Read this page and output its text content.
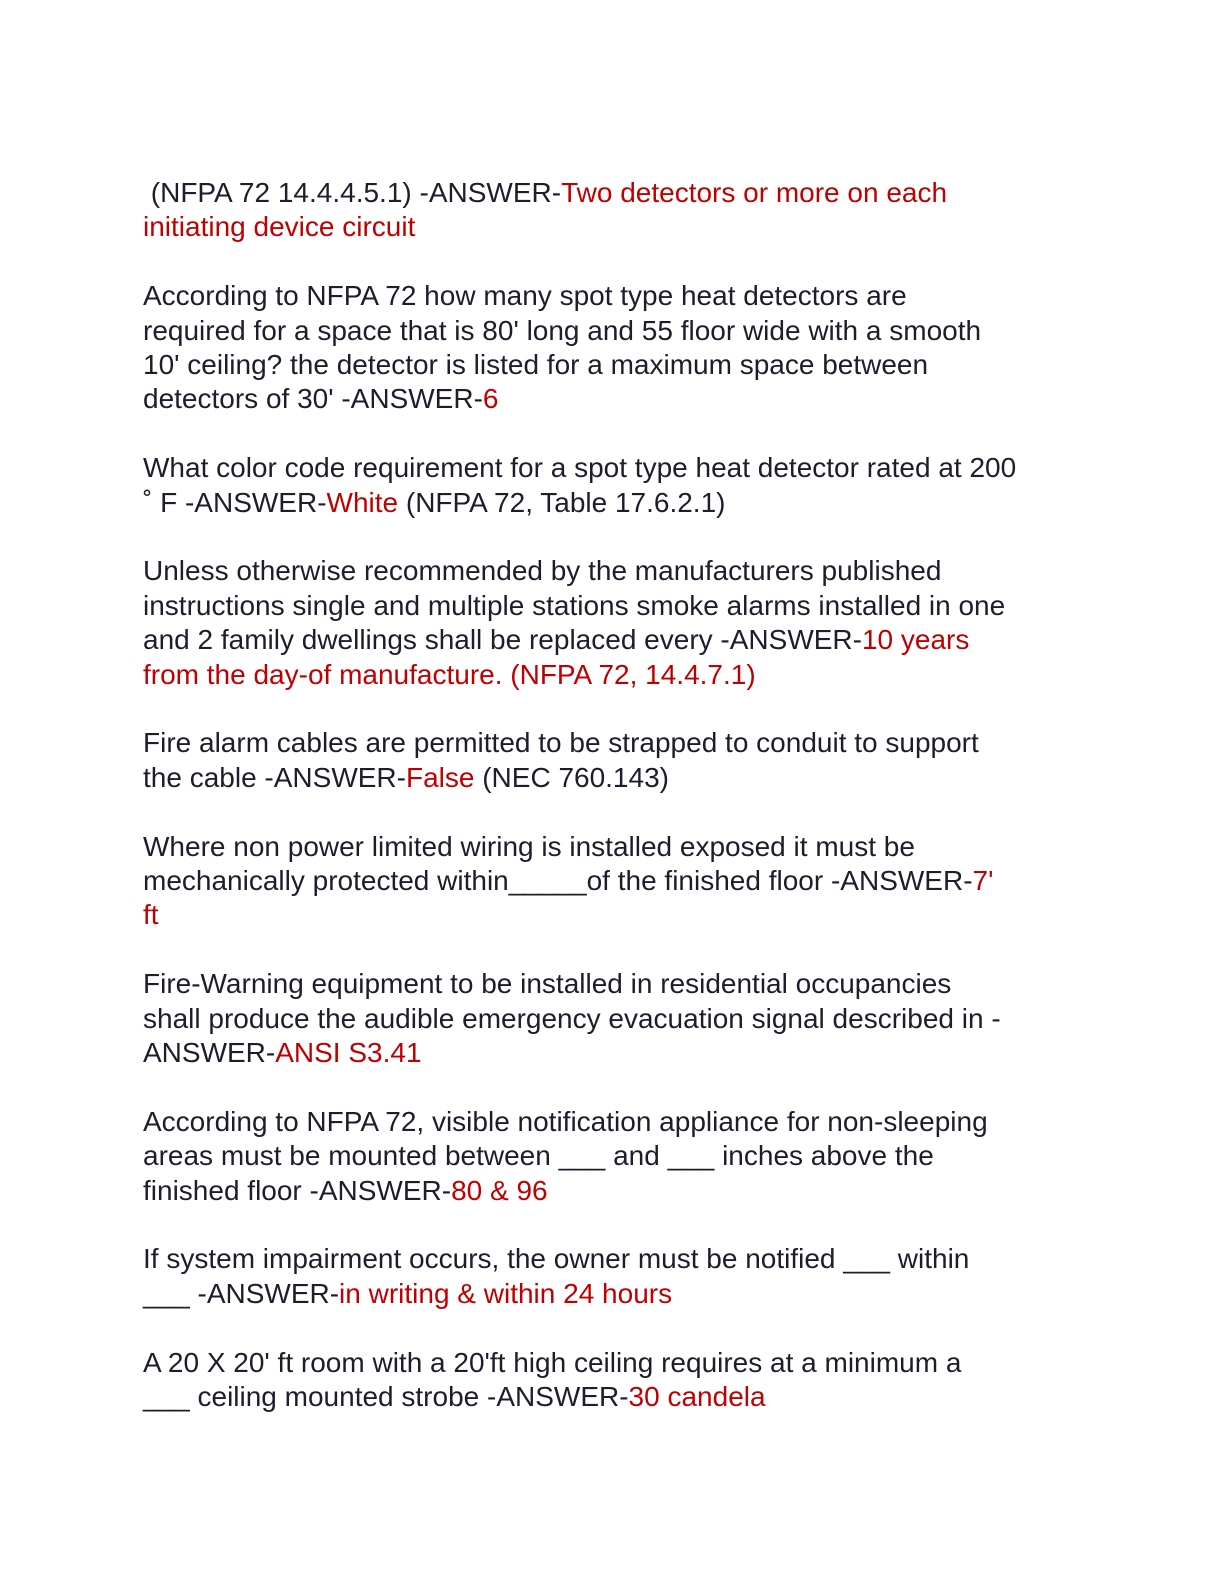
(NFPA 72 14.4.4.5.1) -ANSWER-Two detectors or more on each
initiating device circuit
According to NFPA 72 how many spot type heat detectors are
required for a space that is 80' long and 55 floor wide with a smooth
10' ceiling? the detector is listed for a maximum space between
detectors of 30' -ANSWER-6
What color code requirement for a spot type heat detector rated at 200
˚ F -ANSWER-White (NFPA 72, Table 17.6.2.1)
Unless otherwise recommended by the manufacturers published
instructions single and multiple stations smoke alarms installed in one
and 2 family dwellings shall be replaced every -ANSWER-10 years
from the day-of manufacture. (NFPA 72, 14.4.7.1)
Fire alarm cables are permitted to be strapped to conduit to support
the cable -ANSWER-False (NEC 760.143)
Where non power limited wiring is installed exposed it must be
mechanically protected within_____of the finished floor -ANSWER-7'
ft
Fire-Warning equipment to be installed in residential occupancies
shall produce the audible emergency evacuation signal described in -
ANSWER-ANSI S3.41
According to NFPA 72, visible notification appliance for non-sleeping
areas must be mounted between ___ and ___ inches above the
finished floor -ANSWER-80 & 96
If system impairment occurs, the owner must be notified ___ within
___ -ANSWER-in writing & within 24 hours
A 20 X 20' ft room with a 20'ft high ceiling requires at a minimum a
___ ceiling mounted strobe -ANSWER-30 candela
